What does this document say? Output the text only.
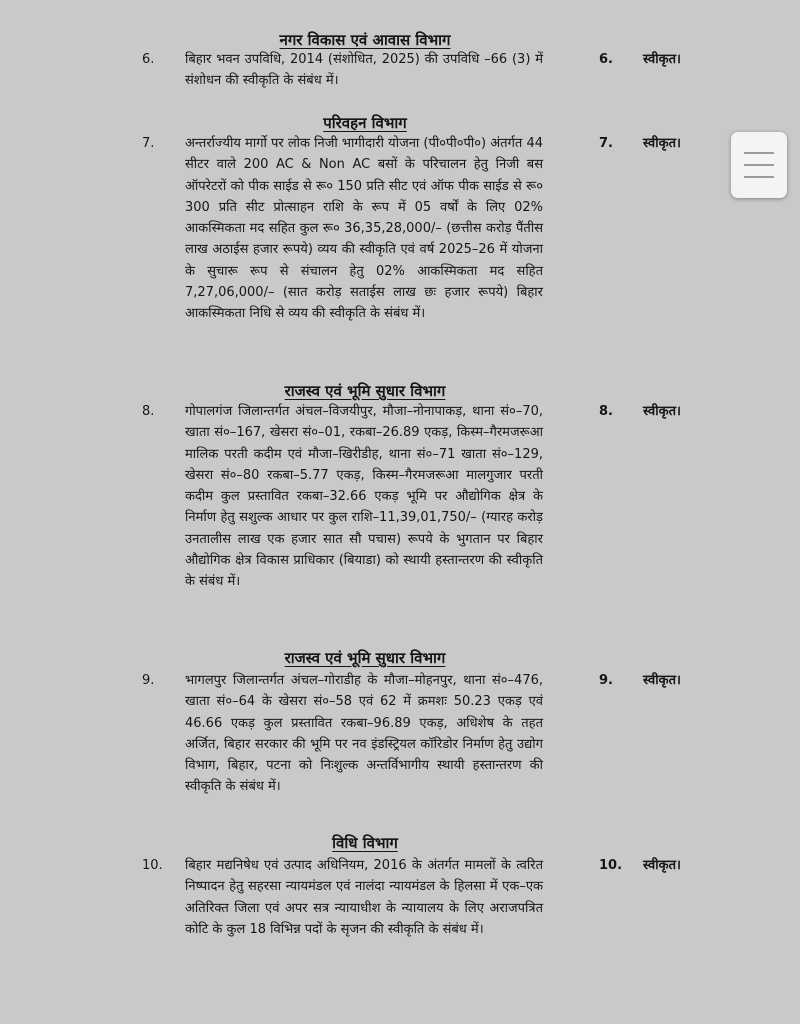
नगर विकास एवं आवास विभाग
6. बिहार भवन उपविधि, 2014 (संशोधित, 2025) की उपविधि –66 (3) में संशोधन की स्वीकृति के संबंध में।

6. स्वीकृत।
परिवहन विभाग
7. अन्तर्राज्यीय मार्गो पर लोक निजी भागीदारी योजना (पी०पी०पी०) अंतर्गत 44 सीटर वाले 200 AC & Non AC बसों के परिचालन हेतु निजी बस ऑपरेटरों को पीक साईड से रू० 150 प्रति सीट एवं ऑफ पीक साईड से रू० 300 प्रति सीट प्रोत्साहन राशि के रूप में 05 वर्षों के लिए 02% आकस्मिकता मद सहित कुल रू० 36,35,28,000/– (छत्तीस करोड़ पैंतीस लाख अठाईस हजार रूपये) व्यय की स्वीकृति एवं वर्ष 2025–26 में योजना के सुचारू रूप से संचालन हेतु 02% आकस्मिकता मद सहित 7,27,06,000/– (सात करोड़ सताईस लाख छः हजार रूपये) बिहार आकस्मिकता निधि से व्यय की स्वीकृति के संबंध में।

7. स्वीकृत।
राजस्व एवं भूमि सुधार विभाग
8. गोपालगंज जिलान्तर्गत अंचल–विजयीपुर, मौजा–नोनापाकड़, थाना सं०–70, खाता सं०–167, खेसरा सं०–01, रकबा–26.89 एकड़, किस्म–गैरमजरूआ मालिक परती कदीम एवं मौजा–खिरीडीह, थाना सं०–71 खाता सं०–129, खेसरा सं०–80 रकबा–5.77 एकड़, किस्म–गैरमजरूआ मालगुजार परती कदीम कुल प्रस्तावित रकबा–32.66 एकड़ भूमि पर औद्योगिक क्षेत्र के निर्माण हेतु सशुल्क आधार पर कुल राशि–11,39,01,750/– (ग्यारह करोड़ उनतालीस लाख एक हजार सात सौ पचास) रूपये के भुगतान पर बिहार औद्योगिक क्षेत्र विकास प्राधिकार (बियाडा) को स्थायी हस्तान्तरण की स्वीकृति के संबंध में।

8. स्वीकृत।
राजस्व एवं भूमि सुधार विभाग
9. भागलपुर जिलान्तर्गत अंचल–गोराडीह के मौजा–मोहनपुर, थाना सं०–476, खाता सं०–64 के खेसरा सं०–58 एवं 62 में क्रमशः 50.23 एकड़ एवं 46.66 एकड़ कुल प्रस्तावित रकबा–96.89 एकड़, अधिशेष के तहत अर्जित, बिहार सरकार की भूमि पर नव इंडस्ट्रियल कॉरिडोर निर्माण हेतु उद्योग विभाग, बिहार, पटना को निःशुल्क अन्तर्विभागीय स्थायी हस्तान्तरण की स्वीकृति के संबंध में।

9. स्वीकृत।
विधि विभाग
10. बिहार मद्यनिषेध एवं उत्पाद अधिनियम, 2016 के अंतर्गत मामलों के त्वरित निष्पादन हेतु सहरसा न्यायमंडल एवं नालंदा न्यायमंडल के हिलसा में एक–एक अतिरिक्त जिला एवं अपर सत्र न्यायाधीश के न्यायालय के लिए अराजपत्रित कोटि के कुल 18 विभिन्न पदों के सृजन की स्वीकृति के संबंध में।

10. स्वीकृत।
